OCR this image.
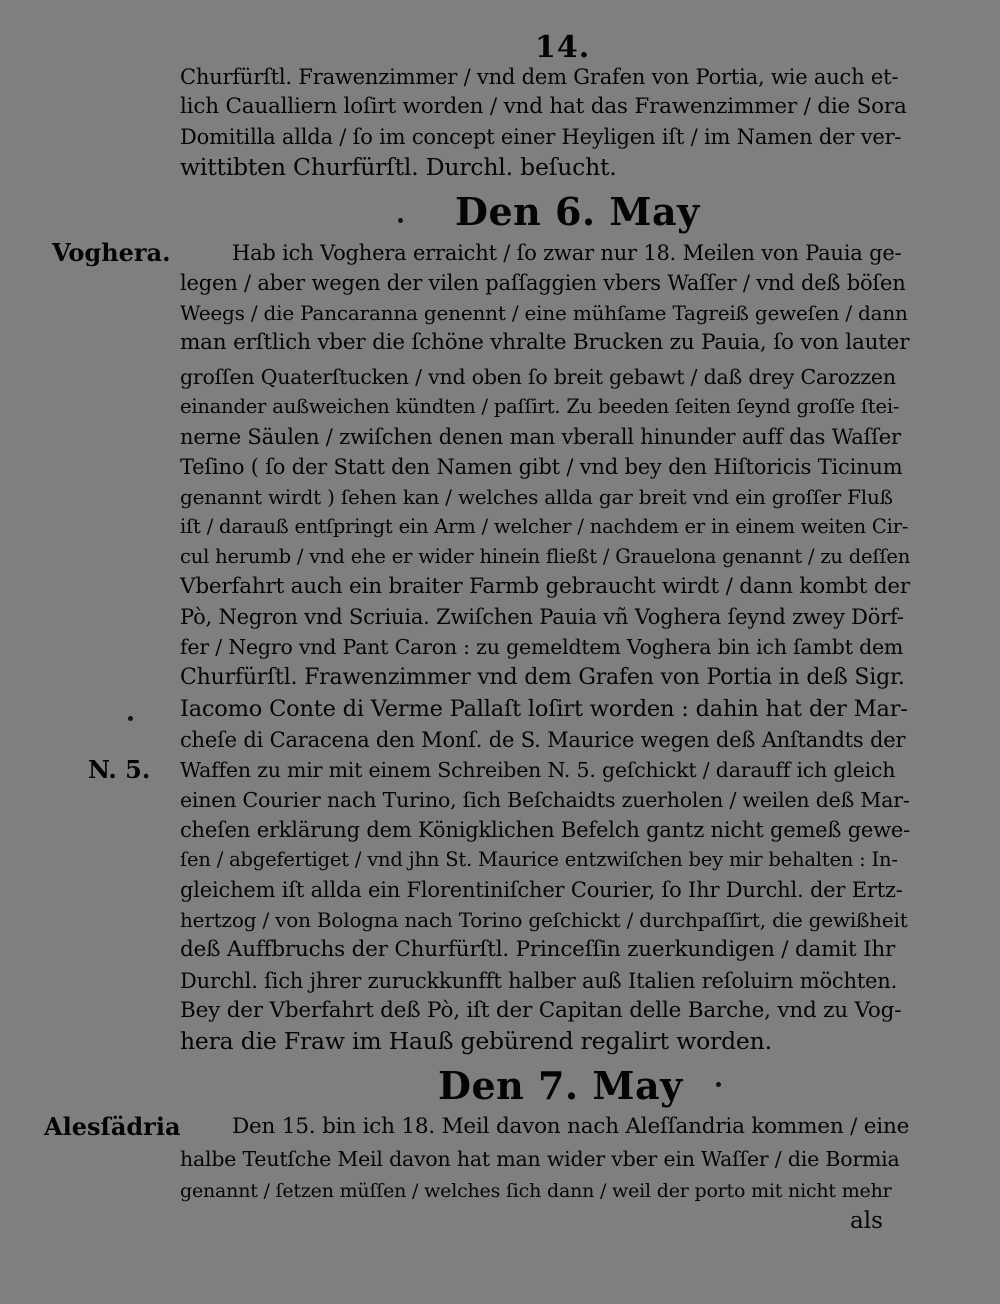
14.
Churfürſtl. Frawenzimmer / vnd dem Grafen von Portia, wie auch et-
lich Caualliern loſirt worden / vnd hat das Frawenzimmer / die Sora
Domitilla allda / ſo im concept einer Heyligen iſt / im Namen der ver-
wittibten Churfürſtl. Durchl. beſucht.
Den 6. May
Voghera.	Hab ich Voghera erraicht / ſo zwar nur 18. Meilen von Pauia ge-
legen / aber wegen der vilen paſſaggien vbers Waſſer / vnd deß böſen
Weegs / die Pancaranna genennt / eine mühſame Tagreiß geweſen / dann
man erſtlich vber die ſchöne vhralte Brucken zu Pauia, ſo von lauter
groſſen Quaterſtucken / vnd oben ſo breit gebawt / daß drey Carozzen
einander außweichen kündten / paſſirt. Zu beeden ſeiten ſeynd groſſe ſtei-
nerne Säulen / zwiſchen denen man vberall hinunder auff das Waſſer
Teſino ( ſo der Statt den Namen gibt / vnd bey den Hiſtoricis Ticinum
genannt wirdt ) ſehen kan / welches allda gar breit vnd ein groſſer Fluß
iſt / darauß entſpringt ein Arm / welcher / nachdem er in einem weiten Cir-
cul herumb / vnd ehe er wider hinein fließt / Grauelona genannt / zu deſſen
Vberfahrt auch ein braiter Farmb gebraucht wirdt / dann kombt der
Pò, Negron vnd Scriuia. Zwiſchen Pauia vñ Voghera ſeynd zwey Dörf-
fer / Negro vnd Pant Caron : zu gemeldtem Voghera bin ich ſambt dem
Churfürſtl. Frawenzimmer vnd dem Grafen von Portia in deß Sigr.
Iacomo Conte di Verme Pallaſt loſirt worden : dahin hat der Mar-
cheſe di Caracena den Monſ. de S. Maurice wegen deß Anſtandts der
N. 5. Waffen zu mir mit einem Schreiben N. 5. geſchickt / darauff ich gleich
einen Courier nach Turino, ſich Beſchaidts zuerholen / weilen deß Mar-
cheſen erklärung dem Königklichen Befelch gantz nicht gemeß gewe-
ſen / abgefertiget / vnd jhn St. Maurice entzwiſchen bey mir behalten : In-
gleichem iſt allda ein Florentiniſcher Courier, ſo Ihr Durchl. der Ertz-
hertzog / von Bologna nach Torino geſchickt / durchpaſſirt, die gewißheit
deß Auffbruchs der Churfürſtl. Princeſſin zuerkundigen / damit Ihr
Durchl. ſich jhrer zuruckkunfft halber auß Italien reſoluirn möchten.
Bey der Vberfahrt deß Pò, iſt der Capitan delle Barche, vnd zu Vog-
hera die Fraw im Hauß gebürend regalirt worden.
Den 7. May
Alesſädria Den 15. bin ich 18. Meil davon nach Aleſſandria kommen / eine
halbe Teutſche Meil davon hat man wider vber ein Waſſer / die Bormia
genannt / ſetzen müſſen / welches ſich dann / weil der porto mit nicht mehr
als
